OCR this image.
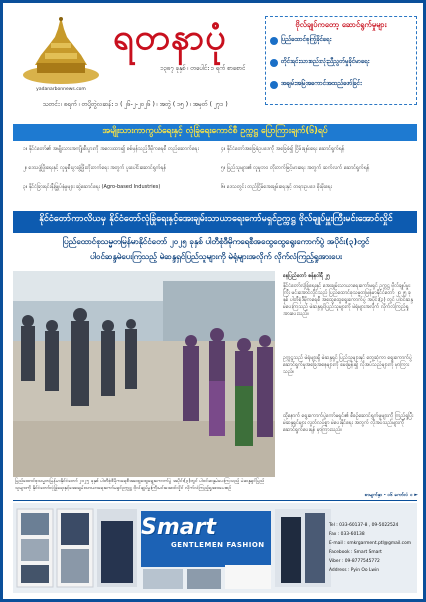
yadanarbonnews.com
ရတနာပုံ
၁၃၈၇ ခုနှစ် ၊ တပေါင်း ၁ ရက် စာစောင်
သတင်း ၊ ၈ရက် ၊ တပို့တွဲလဆန်း ၁ ( ၂၆-၂-၂၀၂၆ ) ၊ အတွဲ ( ၁၅ ) ၊ အမှတ် ( ၂၇၁ )
ဗိုလ်ချုပ်ကတော့ ဆောင်ရွက်မှုများ
ပြည်ထောင်စုကြံ့ခိုင်ရေး
တိုင်းရင်းသားစည်းလုံးညီညွတ်မှုခိုင်မာရေး
အချမ်းအမြဲအကောင်အထည်ဖော်ခြင်း
အမျိုးသားကာကွယ်ရေးနှင့် လုံခြုံရေးကောင်စီ ဥက္ကဋ္ဌ ပြောကြားချက်(၆)ရပ်
၁။ နိုင်ငံတော်၏ အမျိုးသားအကျိုးစီးပွားကို အလေးထား၍ စစ်မှန်သည့်ဒီမိုကရေစီ တည်ဆောက်ရေး
၂။ ဒေသဖွံ့ဖြိုးရေးနှင့် လူမှုစီးပွားဖွံ့ဖြိုးတိုးတက်ရေး အတွက် ပူးပေါင်းဆောင်ရွက်ရန်
၃။ နိုင်ငံခြားရင်းနှီးမြှုပ်နှံမှုများ ဆွဲဆောင်ရေး (Agro-based Industries)
၄။ နိုင်ငံတော်အခြေခံဥပဒေကို အခြေခံ၍ ငြိမ်းချမ်းရေး ဆောင်ရွက်ရန်
၅။ ပြည်သူများ၏ လူမှုဘဝ တိုးတက်မြင့်မားရေး အတွက် ဆက်လက် ဆောင်ရွက်ရန်
၆။ ဒေသတွင်း တည်ငြိမ်အေးချမ်းရေးနှင့် တရားဥပဒေ စိုးမိုးရေး
နိုင်ငံတော်ကာလိယမှ နိုင်ငံတော်လုံခြုံရေးနှင့်အေးချမ်းသာယာရေးကော်မရှင်ဥက္ကဋ္ဌ ဗိုလ်ချုပ်မှူးကြီးမင်းအောင်လှိုင်
ပြည်ထောင်စုသမ္မတမြန်မာနိုင်ငံတော် ၂၀၂၅ ခုနှစ် ပါတီစုံဒီမိုကရေစီအထွေထွေရွေးကောက်ပွဲ အပိုင်း(၃)တွင်
ပါဝင်ဆန္ဒမဲပေးကြသည့် မဲဆန္ဒရှင်ပြည်သူများကို မဲရုံများအလိုက် လိုက်လံကြည့်ရှုအားပေး
ပြည်ထောင်စုသမ္မတမြန်မာနိုင်ငံတော် ၂၀၂၅ ခုနှစ် ပါတီစုံဒီမိုကရေစီအထွေထွေရွေးကောက်ပွဲ အပိုင်း(၃)တွင် ပါဝင်ဆန္ဒမဲပေးကြသည့် မဲဆန္ဒရှင်ပြည်သူများကို နိုင်ငံတော်လုံခြုံရေးနှင့်အေးချမ်းသာယာရေးကော်မရှင်ဥက္ကဋ္ဌ ဗိုလ်ချုပ်မှူးကြီးမင်းအောင်လှိုင် လိုက်လံကြည့်ရှုအားပေးစဉ်
နေပြည်တော် ဇန်နဝါရီ ၂၅
နိုင်ငံတော်လုံခြုံရေးနှင့် အေးချမ်းသာယာရေးကော်မရှင် ဥက္ကဋ္ဌ ဗိုလ်ချုပ်မှူးကြီး မင်းအောင်လှိုင်သည် ပြည်ထောင်စုသမ္မတမြန်မာနိုင်ငံတော် ၂၀၂၅ ခုနှစ် ပါတီစုံဒီမိုကရေစီ အထွေထွေရွေးကောက်ပွဲ အပိုင်း(၃) တွင် ပါဝင်ဆန္ဒမဲပေးကြသည့် မဲဆန္ဒရှင်ပြည်သူများကို မဲရုံများအလိုက် လိုက်လံကြည့်ရှုအားပေးသည်။
ဥက္ကဋ္ဌသည် မဲရုံများရှိ မဲဆန္ဒရှင် ပြည်သူများနှင့် တွေ့ဆုံကာ ရွေးကောက်ပွဲ ဆောင်ရွက်မှုအခြေအနေများကို မေးမြန်း၍ လိုအပ်သည်များကို မှာကြားသည်။
ထို့နောက် ရွေးကောက်ပွဲကော်မရှင်၏ စီစဉ်ဆောင်ရွက်မှုများကို ကြည့်ရှုပြီး မဲဆန္ဒရှင်များ လွတ်လပ်စွာ မဲပေးနိုင်ရေး အတွက် လိုအပ်သည်များကို ဆောင်ရွက်ပေးရန် မှာကြားသည်။
စာမျက်နှာ - ၁၆ ကော်လံ ၁ ►
Smart
GENTLEMEN FASHION
Tel : 033-60137-8 , 09-5022524
Fax : 033-60138
E-mail : smkrgarment.ptl@gmail.com
Facebook : Smart Smart
Viber : 09-8777545772
Address : Pyin Oo Lwin
